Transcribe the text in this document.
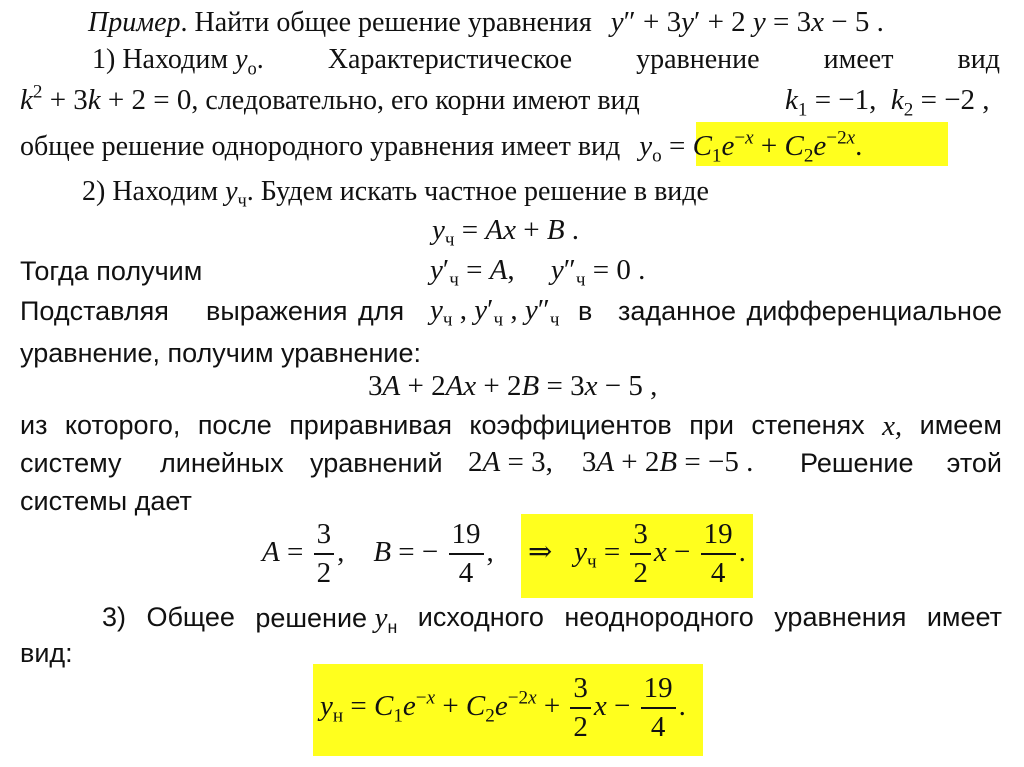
Пример. Найти общее решение уравнения y″ + 3y′ + 2 y = 3x − 5 .
1) Находим $y_о$. Характеристическое уравнение имеет вид
$k^2 + 3k + 2 = 0$, следовательно, его корни имеют вид	$k_1 = -1$,  $k_2 = -2$ ,
общее решение однородного уравнения имеет вид $y_о = C_1e^{-x} + C_2e^{-2x}$.
2) Находим $y_ч$. Будем искать частное решение в виде
$y_ч = Ax + B$ .
Тогда получим	$y'_ч = A$,     $y''_ч = 0$ .
Подставляя выражения для $y_ч$ , $y'_ч$ , $y''_ч$ в заданное дифференциальное
уравнение, получим уравнение:
3A + 2Ax + 2B = 3x − 5 ,
из которого, после приравнивая коэффициентов при степенях x, имеем
систему линейных уравнений 2A = 3,    3A + 2B = −5 . Решение этой
системы дает
$A = \frac{3}{2}$ ,    B = − $\frac{19}{4}$ , ⇒   $y_ч = \frac{3}{2}$ $x - \frac{19}{4}$ .
3) Общее решение $y_н$ исходного неоднородного уравнения имеет
вид:
$y_н = C_1e^{-x} + C_2e^{-2x} + \frac{3}{2}$ $x - \frac{19}{4}$ .
